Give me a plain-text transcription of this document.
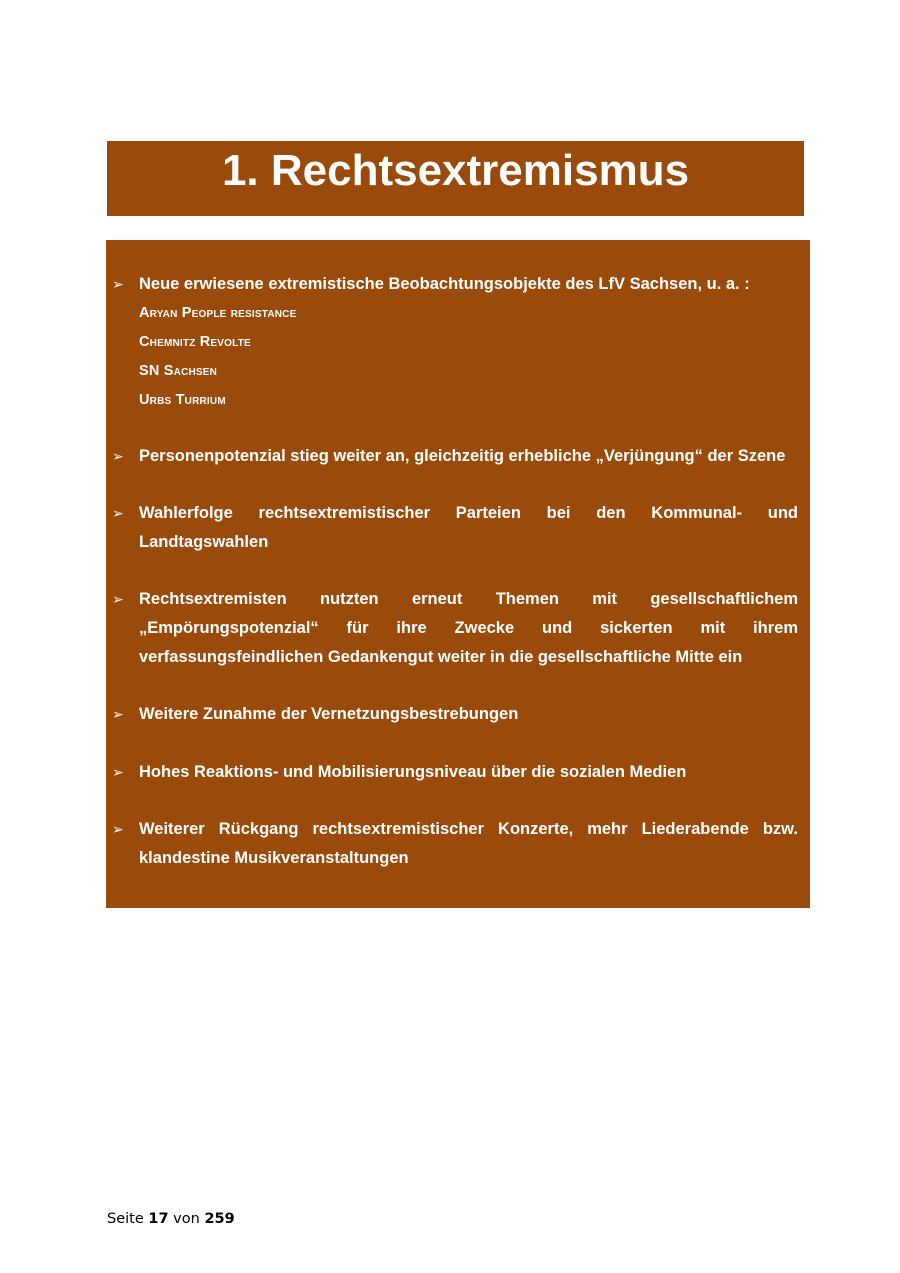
1. Rechtsextremismus
➢ Neue erwiesene extremistische Beobachtungsobjekte des LfV Sachsen, u. a. :
Aryan People resistance
Chemnitz Revolte
SN Sachsen
Urbs Turrium
➢ Personenpotenzial stieg weiter an, gleichzeitig erhebliche „Verjüngung“ der Szene
➢ Wahlerfolge rechtsextremistischer Parteien bei den Kommunal- und Landtagswahlen
➢ Rechtsextremisten nutzten erneut Themen mit gesellschaftlichem „Empörungspotenzial“ für ihre Zwecke und sickerten mit ihrem verfassungsfeindlichen Gedankengut weiter in die gesellschaftliche Mitte ein
➢ Weitere Zunahme der Vernetzungsbestrebungen
➢ Hohes Reaktions- und Mobilisierungsniveau über die sozialen Medien
➢ Weiterer Rückgang rechtsextremistischer Konzerte, mehr Liederabende bzw. klandestine Musikveranstaltungen
Seite 17 von 259
